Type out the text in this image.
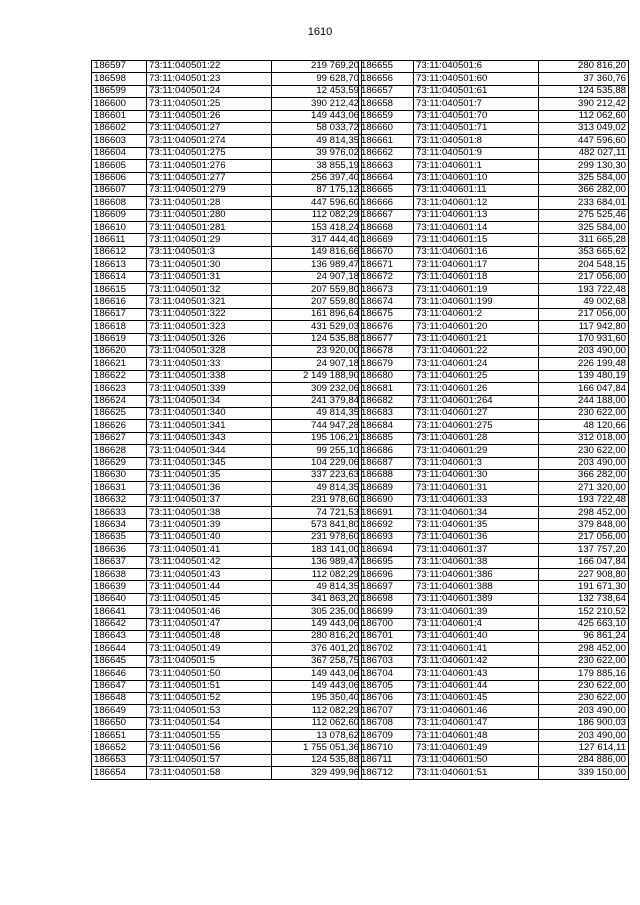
1610
186597	73:11:040501:22	219 769,20
186598	73:11:040501:23	99 628,70
186599	73:11:040501:24	12 453,59
186600	73:11:040501:25	390 212,42
186601	73:11:040501:26	149 443,06
186602	73:11:040501:27	58 033,72
186603	73:11:040501:274	49 814,35
186604	73:11:040501:275	39 976,02
186605	73:11:040501:276	38 855,19
186606	73:11:040501:277	256 397,40
186607	73:11:040501:279	87 175,12
186608	73:11:040501:28	447 596,60
186609	73:11:040501:280	112 082,29
186610	73:11:040501:281	153 418,24
186611	73:11:040501:29	317 444,40
186612	73:11:040501:3	149 816,66
186613	73:11:040501:30	136 989,47
186614	73:11:040501:31	24 907,18
186615	73:11:040501:32	207 559,80
186616	73:11:040501:321	207 559,80
186617	73:11:040501:322	161 896,64
186618	73:11:040501:323	431 529,03
186619	73:11:040501:326	124 535,88
186620	73:11:040501:328	23 920,00
186621	73:11:040501:33	24 907,18
186622	73:11:040501:338	2 149 188,90
186623	73:11:040501:339	309 232,06
186624	73:11:040501:34	241 379,84
186625	73:11:040501:340	49 814,35
186626	73:11:040501:341	744 947,28
186627	73:11:040501:343	195 106,21
186628	73:11:040501:344	99 255,10
186629	73:11:040501:345	104 229,06
186630	73:11:040501:35	337 223,63
186631	73:11:040501:36	49 814,35
186632	73:11:040501:37	231 978,60
186633	73:11:040501:38	74 721,53
186634	73:11:040501:39	573 841,80
186635	73:11:040501:40	231 978,60
186636	73:11:040501:41	183 141,00
186637	73:11:040501:42	136 989,47
186638	73:11:040501:43	112 082,29
186639	73:11:040501:44	49 814,35
186640	73:11:040501:45	341 863,20
186641	73:11:040501:46	305 235,00
186642	73:11:040501:47	149 443,06
186643	73:11:040501:48	280 816,20
186644	73:11:040501:49	376 401,20
186645	73:11:040501:5	367 258,75
186646	73:11:040501:50	149 443,06
186647	73:11:040501:51	149 443,06
186648	73:11:040501:52	195 350,40
186649	73:11:040501:53	112 082,29
186650	73:11:040501:54	112 062,60
186651	73:11:040501:55	13 078,62
186652	73:11:040501:56	1 755 051,36
186653	73:11:040501:57	124 535,88
186654	73:11:040501:58	329 499,96
186655	73:11:040501:6	280 816,20
186656	73:11:040501:60	37 360,76
186657	73:11:040501:61	124 535,88
186658	73:11:040501:7	390 212,42
186659	73:11:040501:70	112 062,60
186660	73:11:040501:71	313 049,02
186661	73:11:040501:8	447 596,60
186662	73:11:040501:9	482 027,11
186663	73:11:040601:1	299 130,30
186664	73:11:040601:10	325 584,00
186665	73:11:040601:11	366 282,00
186666	73:11:040601:12	233 684,01
186667	73:11:040601:13	275 525,46
186668	73:11:040601:14	325 584,00
186669	73:11:040601:15	311 665,28
186670	73:11:040601:16	353 665,62
186671	73:11:040601:17	204 548,15
186672	73:11:040601:18	217 056,00
186673	73:11:040601:19	193 722,48
186674	73:11:040601:199	49 002,68
186675	73:11:040601:2	217 056,00
186676	73:11:040601:20	117 942,80
186677	73:11:040601:21	170 931,60
186678	73:11:040601:22	203 490,00
186679	73:11:040601:24	226 199,48
186680	73:11:040601:25	139 480,19
186681	73:11:040601:26	166 047,84
186682	73:11:040601:264	244 188,00
186683	73:11:040601:27	230 622,00
186684	73:11:040601:275	48 120,66
186685	73:11:040601:28	312 018,00
186686	73:11:040601:29	230 622,00
186687	73:11:040601:3	203 490,00
186688	73:11:040601:30	366 282,00
186689	73:11:040601:31	271 320,00
186690	73:11:040601:33	193 722,48
186691	73:11:040601:34	298 452,00
186692	73:11:040601:35	379 848,00
186693	73:11:040601:36	217 056,00
186694	73:11:040601:37	137 757,20
186695	73:11:040601:38	166 047,84
186696	73:11:040601:386	227 908,80
186697	73:11:040601:388	191 671,30
186698	73:11:040601:389	132 738,64
186699	73:11:040601:39	152 210,52
186700	73:11:040601:4	425 663,10
186701	73:11:040601:40	96 861,24
186702	73:11:040601:41	298 452,00
186703	73:11:040601:42	230 622,00
186704	73:11:040601:43	179 885,16
186705	73:11:040601:44	230 622,00
186706	73:11:040601:45	230 622,00
186707	73:11:040601:46	203 490,00
186708	73:11:040601:47	186 900,03
186709	73:11:040601:48	203 490,00
186710	73:11:040601:49	127 614,11
186711	73:11:040601:50	284 886,00
186712	73:11:040601:51	339 150,00
